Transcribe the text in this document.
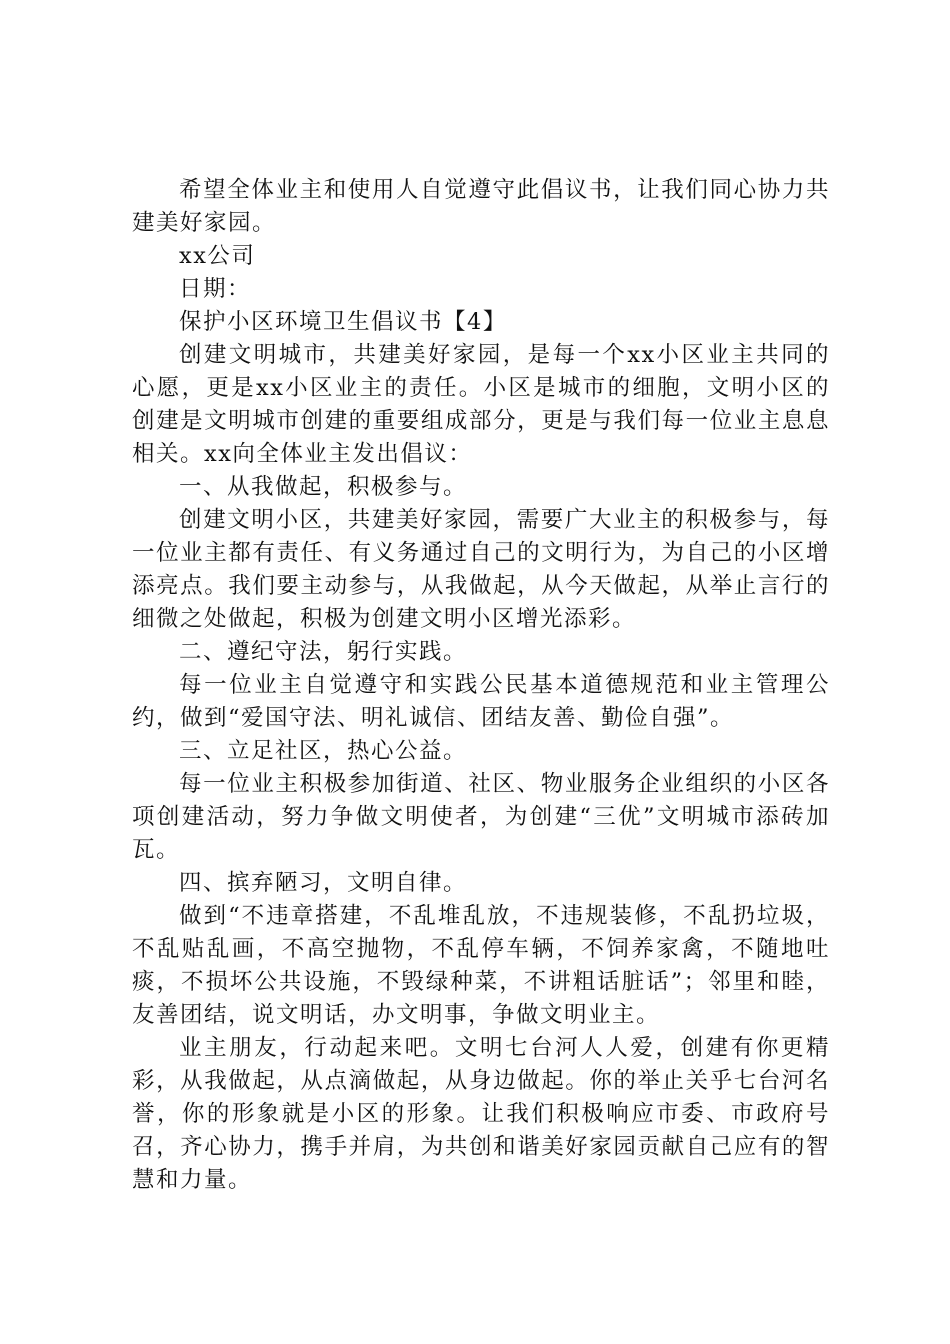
希望全体业主和使用人自觉遵守此倡议书，让我们同心协力共建美好家园。

xx公司

日期：

保护小区环境卫生倡议书【4】

创建文明城市，共建美好家园，是每一个xx小区业主共同的心愿，更是xx小区业主的责任。小区是城市的细胞，文明小区的创建是文明城市创建的重要组成部分，更是与我们每一位业主息息相关。xx向全体业主发出倡议：

一、从我做起，积极参与。

创建文明小区，共建美好家园，需要广大业主的积极参与，每一位业主都有责任、有义务通过自己的文明行为，为自己的小区增添亮点。我们要主动参与，从我做起，从今天做起，从举止言行的细微之处做起，积极为创建文明小区增光添彩。

二、遵纪守法，躬行实践。

每一位业主自觉遵守和实践公民基本道德规范和业主管理公约，做到“爱国守法、明礼诚信、团结友善、勤俭自强”。

三、立足社区，热心公益。

每一位业主积极参加街道、社区、物业服务企业组织的小区各项创建活动，努力争做文明使者，为创建“三优”文明城市添砖加瓦。

四、摈弃陋习，文明自律。

做到“不违章搭建，不乱堆乱放，不违规装修，不乱扔垃圾，不乱贴乱画，不高空抛物，不乱停车辆，不饲养家禽，不随地吐痰，不损坏公共设施，不毁绿种菜，不讲粗话脏话”；邻里和睦，友善团结，说文明话，办文明事，争做文明业主。

业主朋友，行动起来吧。文明七台河人人爱，创建有你更精彩，从我做起，从点滴做起，从身边做起。你的举止关乎七台河名誉，你的形象就是小区的形象。让我们积极响应市委、市政府号召，齐心协力，携手并肩，为共创和谐美好家园贡献自己应有的智慧和力量。
